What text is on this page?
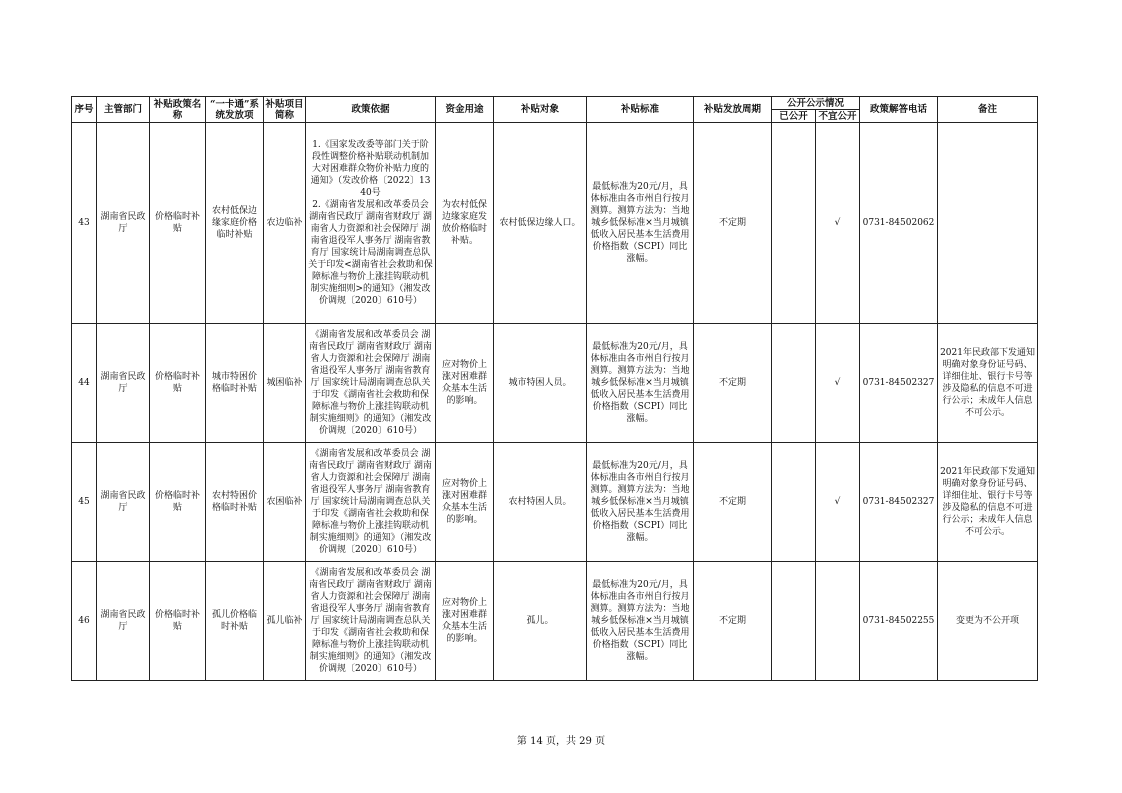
序号	主管部门	补贴政策名称	“一卡通”系统发放项	补贴项目简称	政策依据	资金用途	补贴对象	补贴标准	补贴发放周期	公开公示情况		政策解答电话	备注
										已公开	不宜公开		
43	湖南省民政厅	价格临时补贴	农村低保边缘家庭价格临时补贴	农边临补	1.《国家发改委等部门关于阶段性调整价格补贴联动机制加大对困难群众物价补贴力度的通知》（发改价格〔2022〕1340号
2.《湖南省发展和改革委员会 湖南省民政厅 湖南省财政厅 湖南省人力资源和社会保障厅 湖南省退役军人事务厅 湖南省教育厅 国家统计局湖南调查总队关于印发<湖南省社会救助和保障标准与物价上涨挂钩联动机制实施细则>的通知》（湘发改价调规〔2020〕610号）	为农村低保边缘家庭发放价格临时补贴。	农村低保边缘人口。	最低标准为20元/月，具体标准由各市州自行按月测算。测算方法为：当地城乡低保标准×当月城镇低收入居民基本生活费用价格指数（SCPI）同比涨幅。	不定期		√	0731-84502062	
44	湖南省民政厅	价格临时补贴	城市特困价格临时补贴	城困临补	《湖南省发展和改革委员会 湖南省民政厅 湖南省财政厅 湖南省人力资源和社会保障厅 湖南省退役军人事务厅 湖南省教育厅 国家统计局湖南调查总队关于印发《湖南省社会救助和保障标准与物价上涨挂钩联动机制实施细则》的通知》（湘发改价调规〔2020〕610号）	应对物价上涨对困难群众基本生活的影响。	城市特困人员。	最低标准为20元/月，具体标准由各市州自行按月测算。测算方法为：当地城乡低保标准×当月城镇低收入居民基本生活费用价格指数（SCPI）同比涨幅。	不定期		√	0731-84502327	2021年民政部下发通知明确对象身份证号码、详细住址、银行卡号等涉及隐私的信息不可进行公示；未成年人信息不可公示。
45	湖南省民政厅	价格临时补贴	农村特困价格临时补贴	农困临补	《湖南省发展和改革委员会 湖南省民政厅 湖南省财政厅 湖南省人力资源和社会保障厅 湖南省退役军人事务厅 湖南省教育厅 国家统计局湖南调查总队关于印发《湖南省社会救助和保障标准与物价上涨挂钩联动机制实施细则》的通知》（湘发改价调规〔2020〕610号）	应对物价上涨对困难群众基本生活的影响。	农村特困人员。	最低标准为20元/月，具体标准由各市州自行按月测算。测算方法为：当地城乡低保标准×当月城镇低收入居民基本生活费用价格指数（SCPI）同比涨幅。	不定期		√	0731-84502327	2021年民政部下发通知明确对象身份证号码、详细住址、银行卡号等涉及隐私的信息不可进行公示；未成年人信息不可公示。
46	湖南省民政厅	价格临时补贴	孤儿价格临时补贴	孤儿临补	《湖南省发展和改革委员会 湖南省民政厅 湖南省财政厅 湖南省人力资源和社会保障厅 湖南省退役军人事务厅 湖南省教育厅 国家统计局湖南调查总队关于印发《湖南省社会救助和保障标准与物价上涨挂钩联动机制实施细则》的通知》（湘发改价调规〔2020〕610号）	应对物价上涨对困难群众基本生活的影响。	孤儿。	最低标准为20元/月，具体标准由各市州自行按月测算。测算方法为：当地城乡低保标准×当月城镇低收入居民基本生活费用价格指数（SCPI）同比涨幅。	不定期			0731-84502255	变更为不公开项
第 14 页，共 29 页
